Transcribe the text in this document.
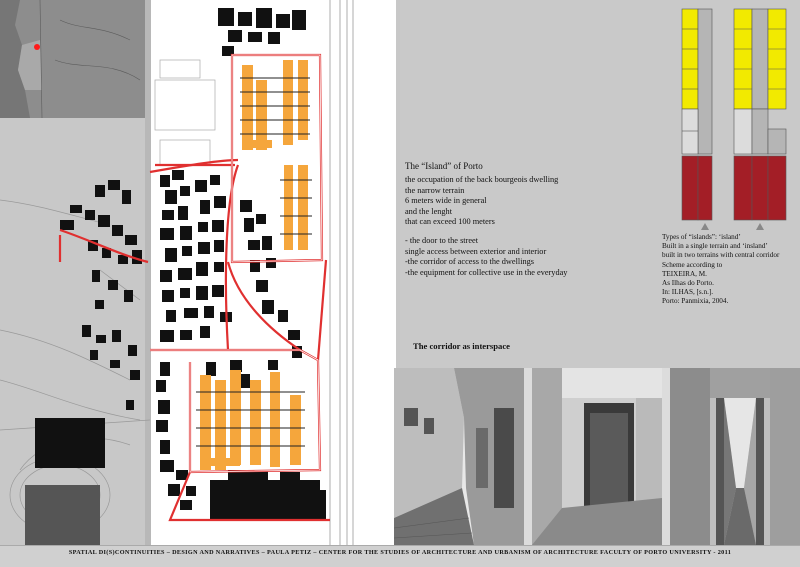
The “Island” of Porto
the occupation of the back bourgeois dwelling
the narrow terrain
6 meters wide in general
and the lenght
that can exceed 100 meters
- the door to the street
single access between exterior and interior
-the corridor of access to the dwellings
-the equipment for collective use in the everyday
Types of “islands”: ‘island’
Built in a single terrain and ‘insland’
built in two terrains with central corridor
Scheme according to
TEIXEIRA, M.
As Ilhas do Porto.
In: ILHAS, [s.n.].
Porto: Panmixia, 2004.
The corridor as interspace
SPATIAL DI(S)CONTINUITIES – DESIGN AND NARRATIVES – PAULA PETIZ – CENTER FOR THE STUDIES OF ARCHITECTURE AND URBANISM OF ARCHITECTURE FACULTY OF PORTO UNIVERSITY - 2011
